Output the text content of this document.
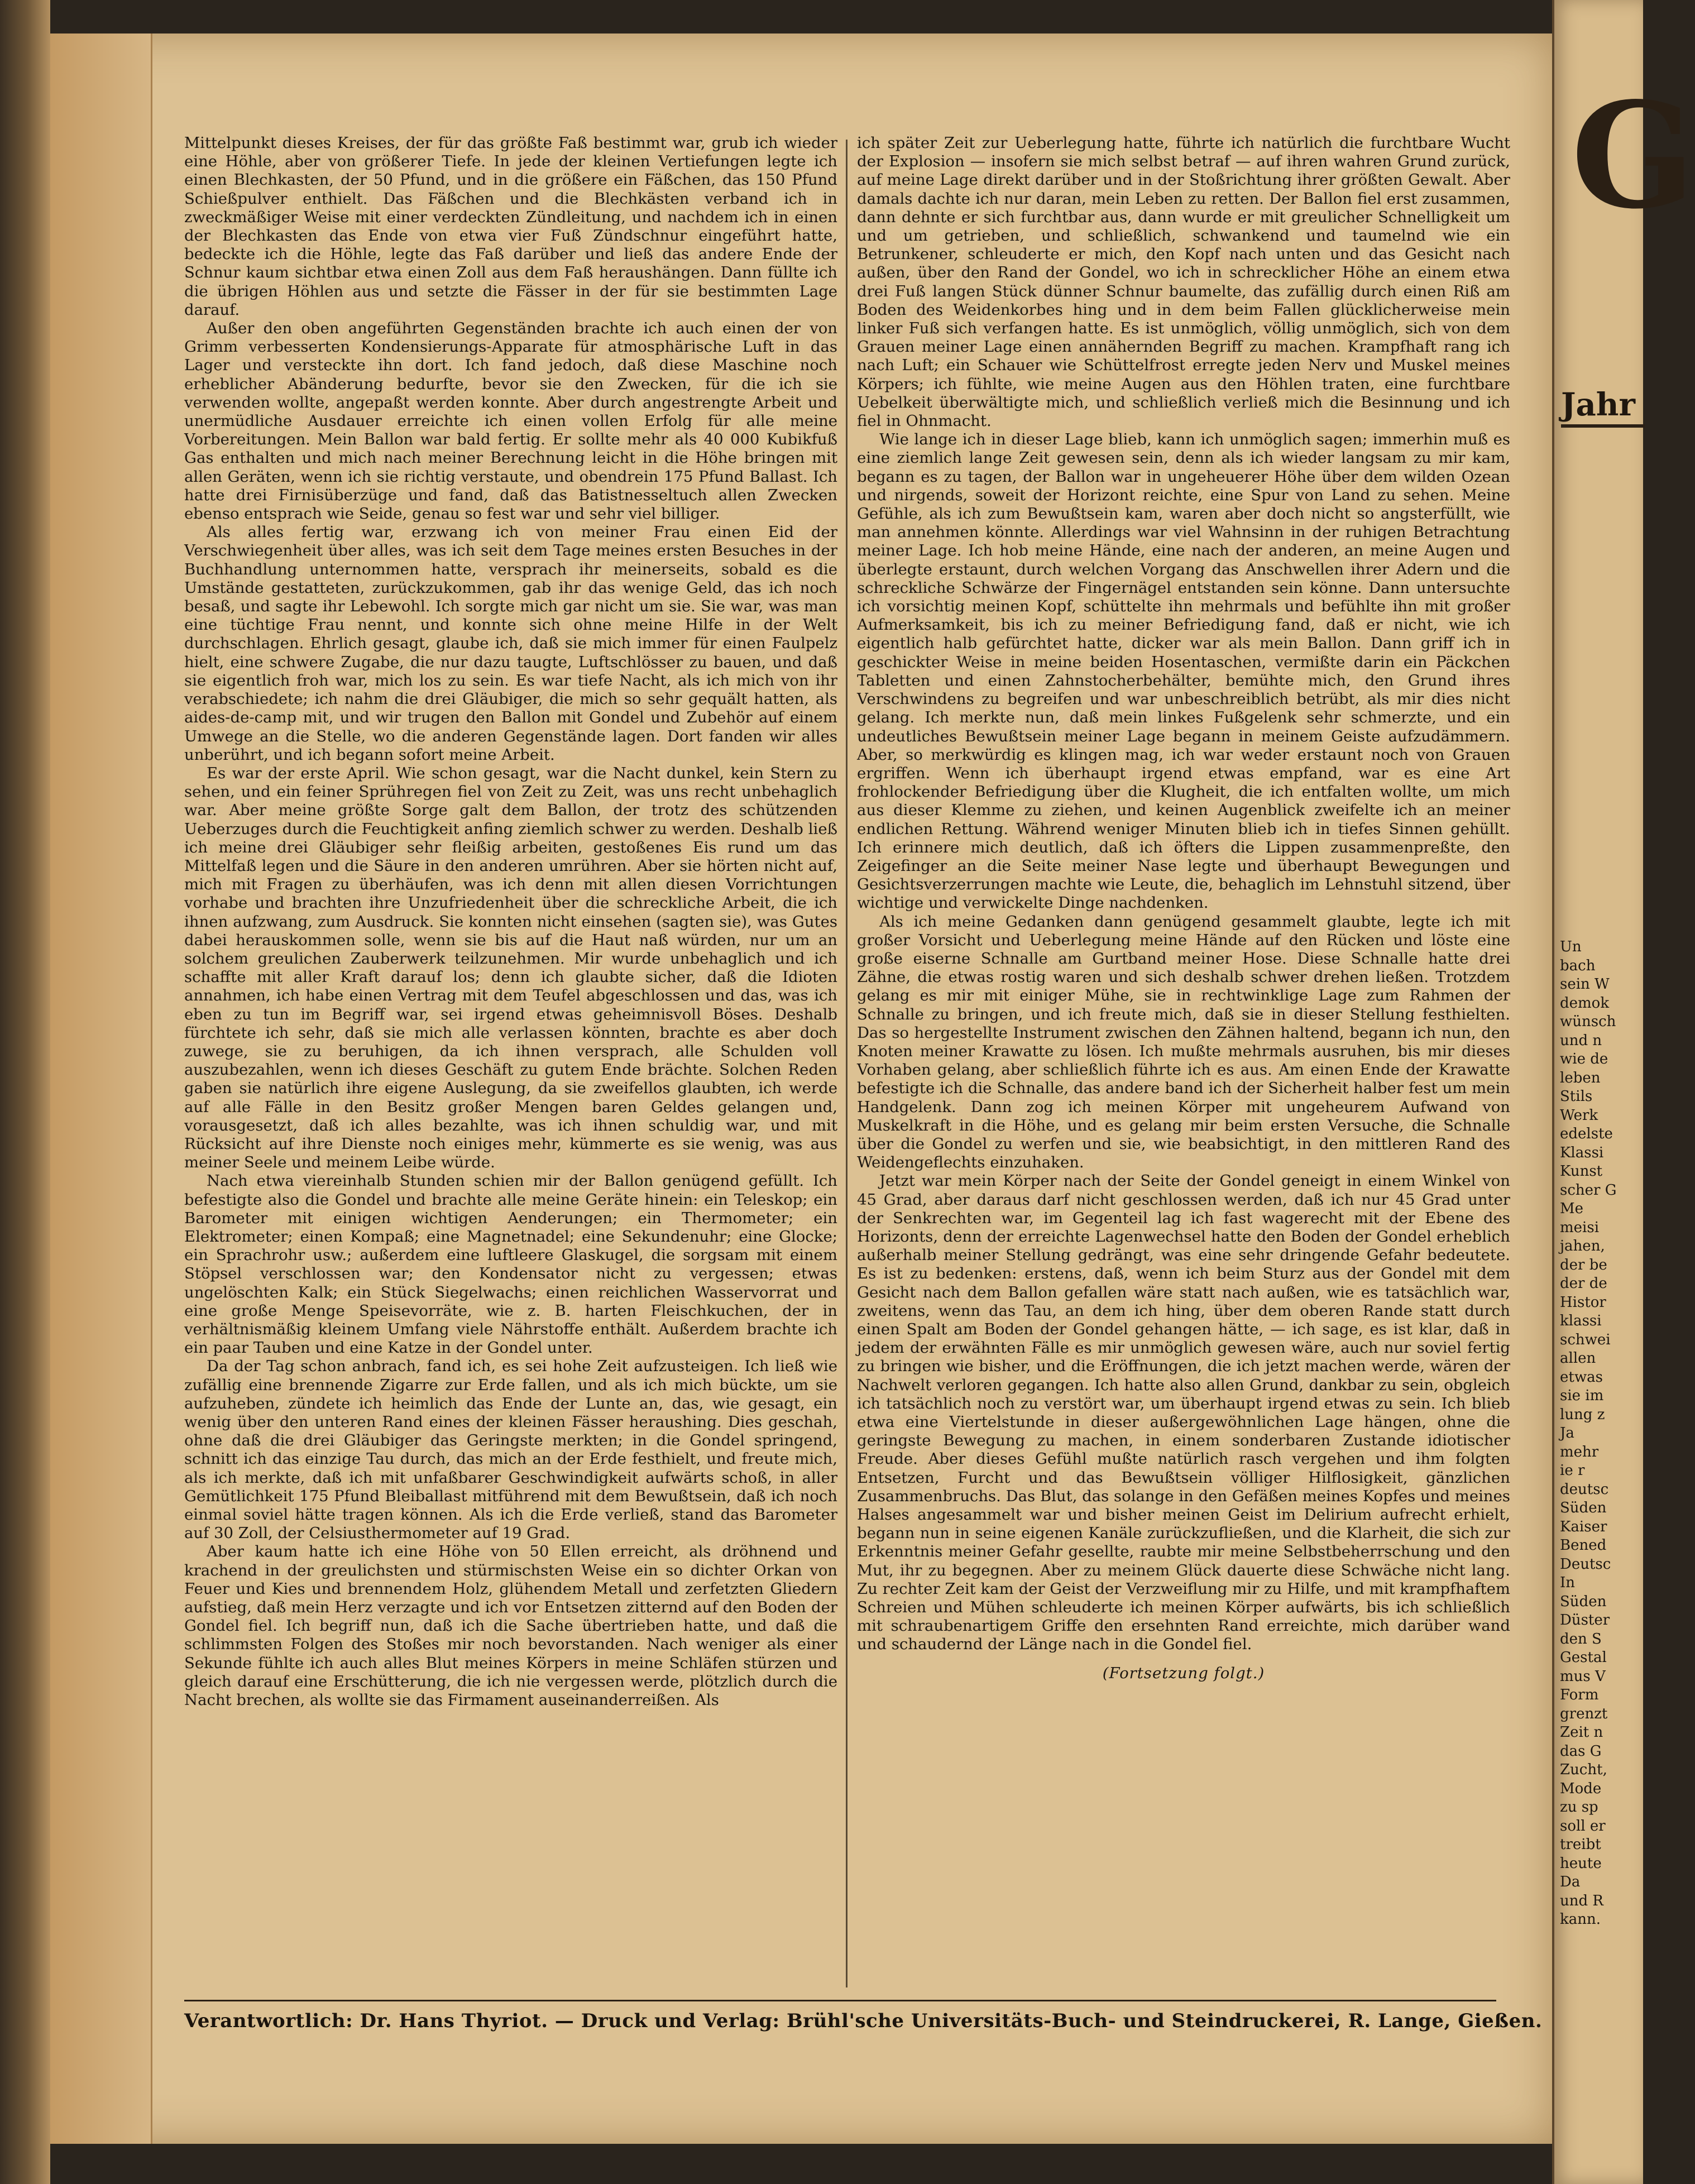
Mittelpunkt dieses Kreises, der für das größte Faß bestimmt war, grub ich wieder eine Höhle, aber von größerer Tiefe. In jede der kleinen Vertiefungen legte ich einen Blechkasten, der 50 Pfund, und in die größere ein Fäßchen, das 150 Pfund Schießpulver enthielt. Das Fäßchen und die Blechkästen verband ich in zweckmäßiger Weise mit einer verdeckten Zündleitung, und nachdem ich in einen der Blechkasten das Ende von etwa vier Fuß Zündschnur eingeführt hatte, bedeckte ich die Höhle, legte das Faß darüber und ließ das andere Ende der Schnur kaum sichtbar etwa einen Zoll aus dem Faß heraushängen. Dann füllte ich die übrigen Höhlen aus und setzte die Fässer in der für sie bestimmten Lage darauf.

Außer den oben angeführten Gegenständen brachte ich auch einen der von Grimm verbesserten Kondensierungs-Apparate für atmosphärische Luft in das Lager und versteckte ihn dort. Ich fand jedoch, daß diese Maschine noch erheblicher Abänderung bedurfte, bevor sie den Zwecken, für die ich sie verwenden wollte, angepaßt werden konnte. Aber durch angestrengte Arbeit und unermüdliche Ausdauer erreichte ich einen vollen Erfolg für alle meine Vorbereitungen. Mein Ballon war bald fertig. Er sollte mehr als 40 000 Kubikfuß Gas enthalten und mich nach meiner Berechnung leicht in die Höhe bringen mit allen Geräten, wenn ich sie richtig verstaute, und obendrein 175 Pfund Ballast. Ich hatte drei Firnisüberzüge und fand, daß das Batistnesseltuch allen Zwecken ebenso entsprach wie Seide, genau so fest war und sehr viel billiger.

Als alles fertig war, erzwang ich von meiner Frau einen Eid der Verschwiegenheit über alles, was ich seit dem Tage meines ersten Besuches in der Buchhandlung unternommen hatte, versprach ihr meinerseits, sobald es die Umstände gestatteten, zurückzukommen, gab ihr das wenige Geld, das ich noch besaß, und sagte ihr Lebewohl. Ich sorgte mich gar nicht um sie. Sie war, was man eine tüchtige Frau nennt, und konnte sich ohne meine Hilfe in der Welt durchschlagen. Ehrlich gesagt, glaube ich, daß sie mich immer für einen Faulpelz hielt, eine schwere Zugabe, die nur dazu taugte, Luftschlösser zu bauen, und daß sie eigentlich froh war, mich los zu sein. Es war tiefe Nacht, als ich mich von ihr verabschiedete; ich nahm die drei Gläubiger, die mich so sehr gequält hatten, als aides-de-camp mit, und wir trugen den Ballon mit Gondel und Zubehör auf einem Umwege an die Stelle, wo die anderen Gegenstände lagen. Dort fanden wir alles unberührt, und ich begann sofort meine Arbeit.

Es war der erste April. Wie schon gesagt, war die Nacht dunkel, kein Stern zu sehen, und ein feiner Sprühregen fiel von Zeit zu Zeit, was uns recht unbehaglich war. Aber meine größte Sorge galt dem Ballon, der trotz des schützenden Ueberzuges durch die Feuchtigkeit anfing ziemlich schwer zu werden. Deshalb ließ ich meine drei Gläubiger sehr fleißig arbeiten, gestoßenes Eis rund um das Mittelfaß legen und die Säure in den anderen umrühren. Aber sie hörten nicht auf, mich mit Fragen zu überhäufen, was ich denn mit allen diesen Vorrichtungen vorhabe und brachten ihre Unzufriedenheit über die schreckliche Arbeit, die ich ihnen aufzwang, zum Ausdruck. Sie konnten nicht einsehen (sagten sie), was Gutes dabei herauskommen solle, wenn sie bis auf die Haut naß würden, nur um an solchem greulichen Zauberwerk teilzunehmen. Mir wurde unbehaglich und ich schaffte mit aller Kraft darauf los; denn ich glaubte sicher, daß die Idioten annahmen, ich habe einen Vertrag mit dem Teufel abgeschlossen und das, was ich eben zu tun im Begriff war, sei irgend etwas geheimnisvoll Böses. Deshalb fürchtete ich sehr, daß sie mich alle verlassen könnten, brachte es aber doch zuwege, sie zu beruhigen, da ich ihnen versprach, alle Schulden voll auszubezahlen, wenn ich dieses Geschäft zu gutem Ende brächte. Solchen Reden gaben sie natürlich ihre eigene Auslegung, da sie zweifellos glaubten, ich werde auf alle Fälle in den Besitz großer Mengen baren Geldes gelangen und, vorausgesetzt, daß ich alles bezahlte, was ich ihnen schuldig war, und mit Rücksicht auf ihre Dienste noch einiges mehr, kümmerte es sie wenig, was aus meiner Seele und meinem Leibe würde.

Nach etwa viereinhalb Stunden schien mir der Ballon genügend gefüllt. Ich befestigte also die Gondel und brachte alle meine Geräte hinein: ein Teleskop; ein Barometer mit einigen wichtigen Aenderungen; ein Thermometer; ein Elektrometer; einen Kompaß; eine Magnetnadel; eine Sekundenuhr; eine Glocke; ein Sprachrohr usw.; außerdem eine luftleere Glaskugel, die sorgsam mit einem Stöpsel verschlossen war; den Kondensator nicht zu vergessen; etwas ungelöschten Kalk; ein Stück Siegelwachs; einen reichlichen Wasservorrat und eine große Menge Speisevorräte, wie z. B. harten Fleischkuchen, der in verhältnismäßig kleinem Umfang viele Nährstoffe enthält. Außerdem brachte ich ein paar Tauben und eine Katze in der Gondel unter.

Da der Tag schon anbrach, fand ich, es sei hohe Zeit aufzusteigen. Ich ließ wie zufällig eine brennende Zigarre zur Erde fallen, und als ich mich bückte, um sie aufzuheben, zündete ich heimlich das Ende der Lunte an, das, wie gesagt, ein wenig über den unteren Rand eines der kleinen Fässer heraushing. Dies geschah, ohne daß die drei Gläubiger das Geringste merkten; in die Gondel springend, schnitt ich das einzige Tau durch, das mich an der Erde festhielt, und freute mich, als ich merkte, daß ich mit unfaßbarer Geschwindigkeit aufwärts schoß, in aller Gemütlichkeit 175 Pfund Bleiballast mitführend mit dem Bewußtsein, daß ich noch einmal soviel hätte tragen können. Als ich die Erde verließ, stand das Barometer auf 30 Zoll, der Celsiusthermometer auf 19 Grad.

Aber kaum hatte ich eine Höhe von 50 Ellen erreicht, als dröhnend und krachend in der greulichsten und stürmischsten Weise ein so dichter Orkan von Feuer und Kies und brennendem Holz, glühendem Metall und zerfetzten Gliedern aufstieg, daß mein Herz verzagte und ich vor Entsetzen zitternd auf den Boden der Gondel fiel. Ich begriff nun, daß ich die Sache übertrieben hatte, und daß die schlimmsten Folgen des Stoßes mir noch bevorstanden. Nach weniger als einer Sekunde fühlte ich auch alles Blut meines Körpers in meine Schläfen stürzen und gleich darauf eine Erschütterung, die ich nie vergessen werde, plötzlich durch die Nacht brechen, als wollte sie das Firmament auseinanderreißen. Als

ich später Zeit zur Ueberlegung hatte, führte ich natürlich die furchtbare Wucht der Explosion — insofern sie mich selbst betraf — auf ihren wahren Grund zurück, auf meine Lage direkt darüber und in der Stoßrichtung ihrer größten Gewalt. Aber damals dachte ich nur daran, mein Leben zu retten. Der Ballon fiel erst zusammen, dann dehnte er sich furchtbar aus, dann wurde er mit greulicher Schnelligkeit um und um getrieben, und schließlich, schwankend und taumelnd wie ein Betrunkener, schleuderte er mich, den Kopf nach unten und das Gesicht nach außen, über den Rand der Gondel, wo ich in schrecklicher Höhe an einem etwa drei Fuß langen Stück dünner Schnur baumelte, das zufällig durch einen Riß am Boden des Weidenkorbes hing und in dem beim Fallen glücklicherweise mein linker Fuß sich verfangen hatte. Es ist unmöglich, völlig unmöglich, sich von dem Grauen meiner Lage einen annähernden Begriff zu machen. Krampfhaft rang ich nach Luft; ein Schauer wie Schüttelfrost erregte jeden Nerv und Muskel meines Körpers; ich fühlte, wie meine Augen aus den Höhlen traten, eine furchtbare Uebelkeit überwältigte mich, und schließlich verließ mich die Besinnung und ich fiel in Ohnmacht.

Wie lange ich in dieser Lage blieb, kann ich unmöglich sagen; immerhin muß es eine ziemlich lange Zeit gewesen sein, denn als ich wieder langsam zu mir kam, begann es zu tagen, der Ballon war in ungeheuerer Höhe über dem wilden Ozean und nirgends, soweit der Horizont reichte, eine Spur von Land zu sehen. Meine Gefühle, als ich zum Bewußtsein kam, waren aber doch nicht so angsterfüllt, wie man annehmen könnte. Allerdings war viel Wahnsinn in der ruhigen Betrachtung meiner Lage. Ich hob meine Hände, eine nach der anderen, an meine Augen und überlegte erstaunt, durch welchen Vorgang das Anschwellen ihrer Adern und die schreckliche Schwärze der Fingernägel entstanden sein könne. Dann untersuchte ich vorsichtig meinen Kopf, schüttelte ihn mehrmals und befühlte ihn mit großer Aufmerksamkeit, bis ich zu meiner Befriedigung fand, daß er nicht, wie ich eigentlich halb gefürchtet hatte, dicker war als mein Ballon. Dann griff ich in geschickter Weise in meine beiden Hosentaschen, vermißte darin ein Päckchen Tabletten und einen Zahnstocherbehälter, bemühte mich, den Grund ihres Verschwindens zu begreifen und war unbeschreiblich betrübt, als mir dies nicht gelang. Ich merkte nun, daß mein linkes Fußgelenk sehr schmerzte, und ein undeutliches Bewußtsein meiner Lage begann in meinem Geiste aufzudämmern. Aber, so merkwürdig es klingen mag, ich war weder erstaunt noch von Grauen ergriffen. Wenn ich überhaupt irgend etwas empfand, war es eine Art frohlockender Befriedigung über die Klugheit, die ich entfalten wollte, um mich aus dieser Klemme zu ziehen, und keinen Augenblick zweifelte ich an meiner endlichen Rettung. Während weniger Minuten blieb ich in tiefes Sinnen gehüllt. Ich erinnere mich deutlich, daß ich öfters die Lippen zusammenpreßte, den Zeigefinger an die Seite meiner Nase legte und überhaupt Bewegungen und Gesichtsverzerrungen machte wie Leute, die, behaglich im Lehnstuhl sitzend, über wichtige und verwickelte Dinge nachdenken.

Als ich meine Gedanken dann genügend gesammelt glaubte, legte ich mit großer Vorsicht und Ueberlegung meine Hände auf den Rücken und löste eine große eiserne Schnalle am Gurtband meiner Hose. Diese Schnalle hatte drei Zähne, die etwas rostig waren und sich deshalb schwer drehen ließen. Trotzdem gelang es mir mit einiger Mühe, sie in rechtwinklige Lage zum Rahmen der Schnalle zu bringen, und ich freute mich, daß sie in dieser Stellung festhielten. Das so hergestellte Instrument zwischen den Zähnen haltend, begann ich nun, den Knoten meiner Krawatte zu lösen. Ich mußte mehrmals ausruhen, bis mir dieses Vorhaben gelang, aber schließlich führte ich es aus. Am einen Ende der Krawatte befestigte ich die Schnalle, das andere band ich der Sicherheit halber fest um mein Handgelenk. Dann zog ich meinen Körper mit ungeheurem Aufwand von Muskelkraft in die Höhe, und es gelang mir beim ersten Versuche, die Schnalle über die Gondel zu werfen und sie, wie beabsichtigt, in den mittleren Rand des Weidengeflechts einzuhaken.

Jetzt war mein Körper nach der Seite der Gondel geneigt in einem Winkel von 45 Grad, aber daraus darf nicht geschlossen werden, daß ich nur 45 Grad unter der Senkrechten war, im Gegenteil lag ich fast wagerecht mit der Ebene des Horizonts, denn der erreichte Lagenwechsel hatte den Boden der Gondel erheblich außerhalb meiner Stellung gedrängt, was eine sehr dringende Gefahr bedeutete. Es ist zu bedenken: erstens, daß, wenn ich beim Sturz aus der Gondel mit dem Gesicht nach dem Ballon gefallen wäre statt nach außen, wie es tatsächlich war, zweitens, wenn das Tau, an dem ich hing, über dem oberen Rande statt durch einen Spalt am Boden der Gondel gehangen hätte, — ich sage, es ist klar, daß in jedem der erwähnten Fälle es mir unmöglich gewesen wäre, auch nur soviel fertig zu bringen wie bisher, und die Eröffnungen, die ich jetzt machen werde, wären der Nachwelt verloren gegangen. Ich hatte also allen Grund, dankbar zu sein, obgleich ich tatsächlich noch zu verstört war, um überhaupt irgend etwas zu sein. Ich blieb etwa eine Viertelstunde in dieser außergewöhnlichen Lage hängen, ohne die geringste Bewegung zu machen, in einem sonderbaren Zustande idiotischer Freude. Aber dieses Gefühl mußte natürlich rasch vergehen und ihm folgten Entsetzen, Furcht und das Bewußtsein völliger Hilflosigkeit, gänzlichen Zusammenbruchs. Das Blut, das solange in den Gefäßen meines Kopfes und meines Halses angesammelt war und bisher meinen Geist im Delirium aufrecht erhielt, begann nun in seine eigenen Kanäle zurückzufließen, und die Klarheit, die sich zur Erkenntnis meiner Gefahr gesellte, raubte mir meine Selbstbeherrschung und den Mut, ihr zu begegnen. Aber zu meinem Glück dauerte diese Schwäche nicht lang. Zu rechter Zeit kam der Geist der Verzweiflung mir zu Hilfe, und mit krampfhaftem Schreien und Mühen schleuderte ich meinen Körper aufwärts, bis ich schließlich mit schraubenartigem Griffe den ersehnten Rand erreichte, mich darüber wand und schaudernd der Länge nach in die Gondel fiel.

(Fortsetzung folgt.)
Verantwortlich: Dr. Hans Thyriot. — Druck und Verlag: Brühl'sche Universitäts-Buch- und Steindruckerei, R. Lange, Gießen.
G
Jahr
Un
bach
sein W
demok
wünsch
und n
wie de
leben
Stils
Werk
edelste
Klassi
Kunst
scher G
Me
meisi
jahen,
der be
der de
Histor
klassi
schwei
allen
etwas
sie im
lung z
Ja
mehr
ie r
deutsc
Süden
Kaiser
Bened
Deutsc
In
Süden
Düster
den S
Gestal
mus V
Form
grenzt
Zeit n
das G
Zucht,
Mode
zu sp
soll er
treibt
heute
Da
und R
kann.
